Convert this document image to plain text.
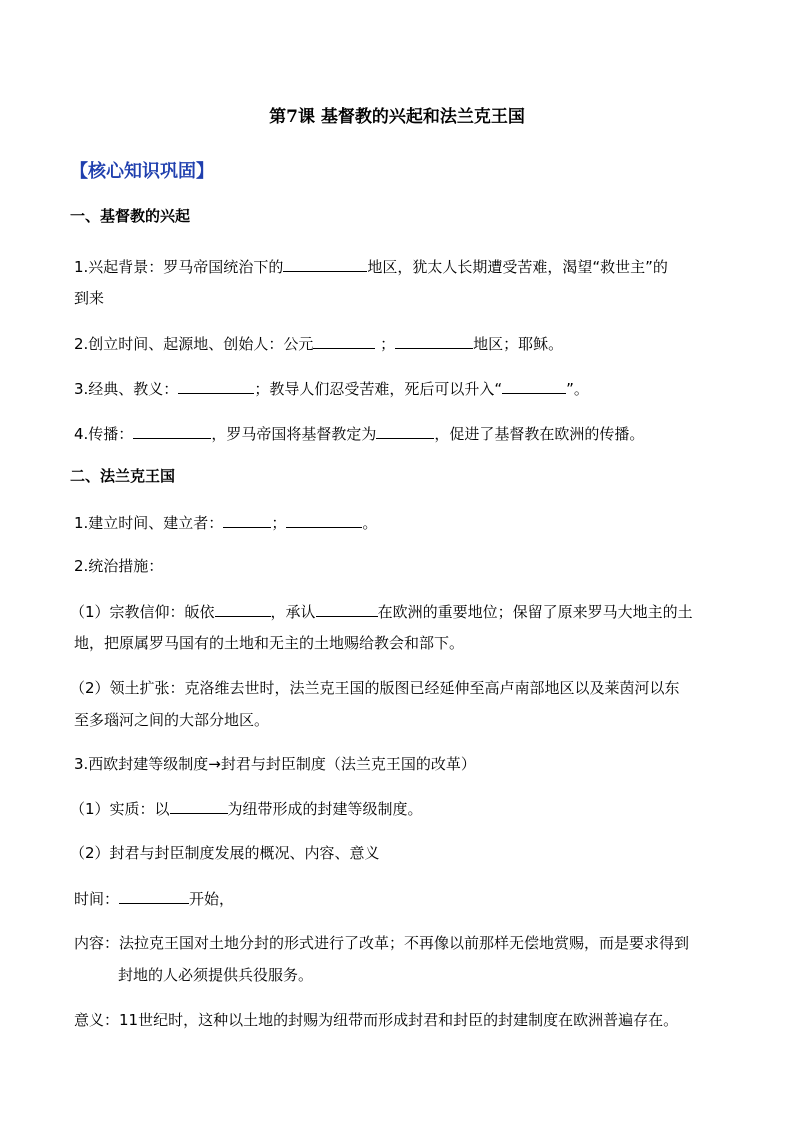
第7课 基督教的兴起和法兰克王国
【核心知识巩固】
一、基督教的兴起
1.兴起背景：罗马帝国统治下的	地区，犹太人长期遭受苦难，渴望“救世主”的
到来
2.创立时间、起源地、创始人：公元	；	地区；耶稣。
3.经典、教义：	；教导人们忍受苦难，死后可以升入“	”。
4.传播：	，罗马帝国将基督教定为	，促进了基督教在欧洲的传播。
二、法兰克王国
1.建立时间、建立者：	；	。
2.统治措施：
（1）宗教信仰：皈依	，承认	在欧洲的重要地位；保留了原来罗马大地主的土
地，把原属罗马国有的土地和无主的土地赐给教会和部下。
（2）领土扩张：克洛维去世时，法兰克王国的版图已经延伸至高卢南部地区以及莱茵河以东
至多瑙河之间的大部分地区。
3.西欧封建等级制度→封君与封臣制度（法兰克王国的改革）
（1）实质：以	为纽带形成的封建等级制度。
（2）封君与封臣制度发展的概况、内容、意义
时间：	开始，
内容：法拉克王国对土地分封的形式进行了改革；不再像以前那样无偿地赏赐，而是要求得到
封地的人必须提供兵役服务。
意义：11世纪时，这种以土地的封赐为纽带而形成封君和封臣的封建制度在欧洲普遍存在。
